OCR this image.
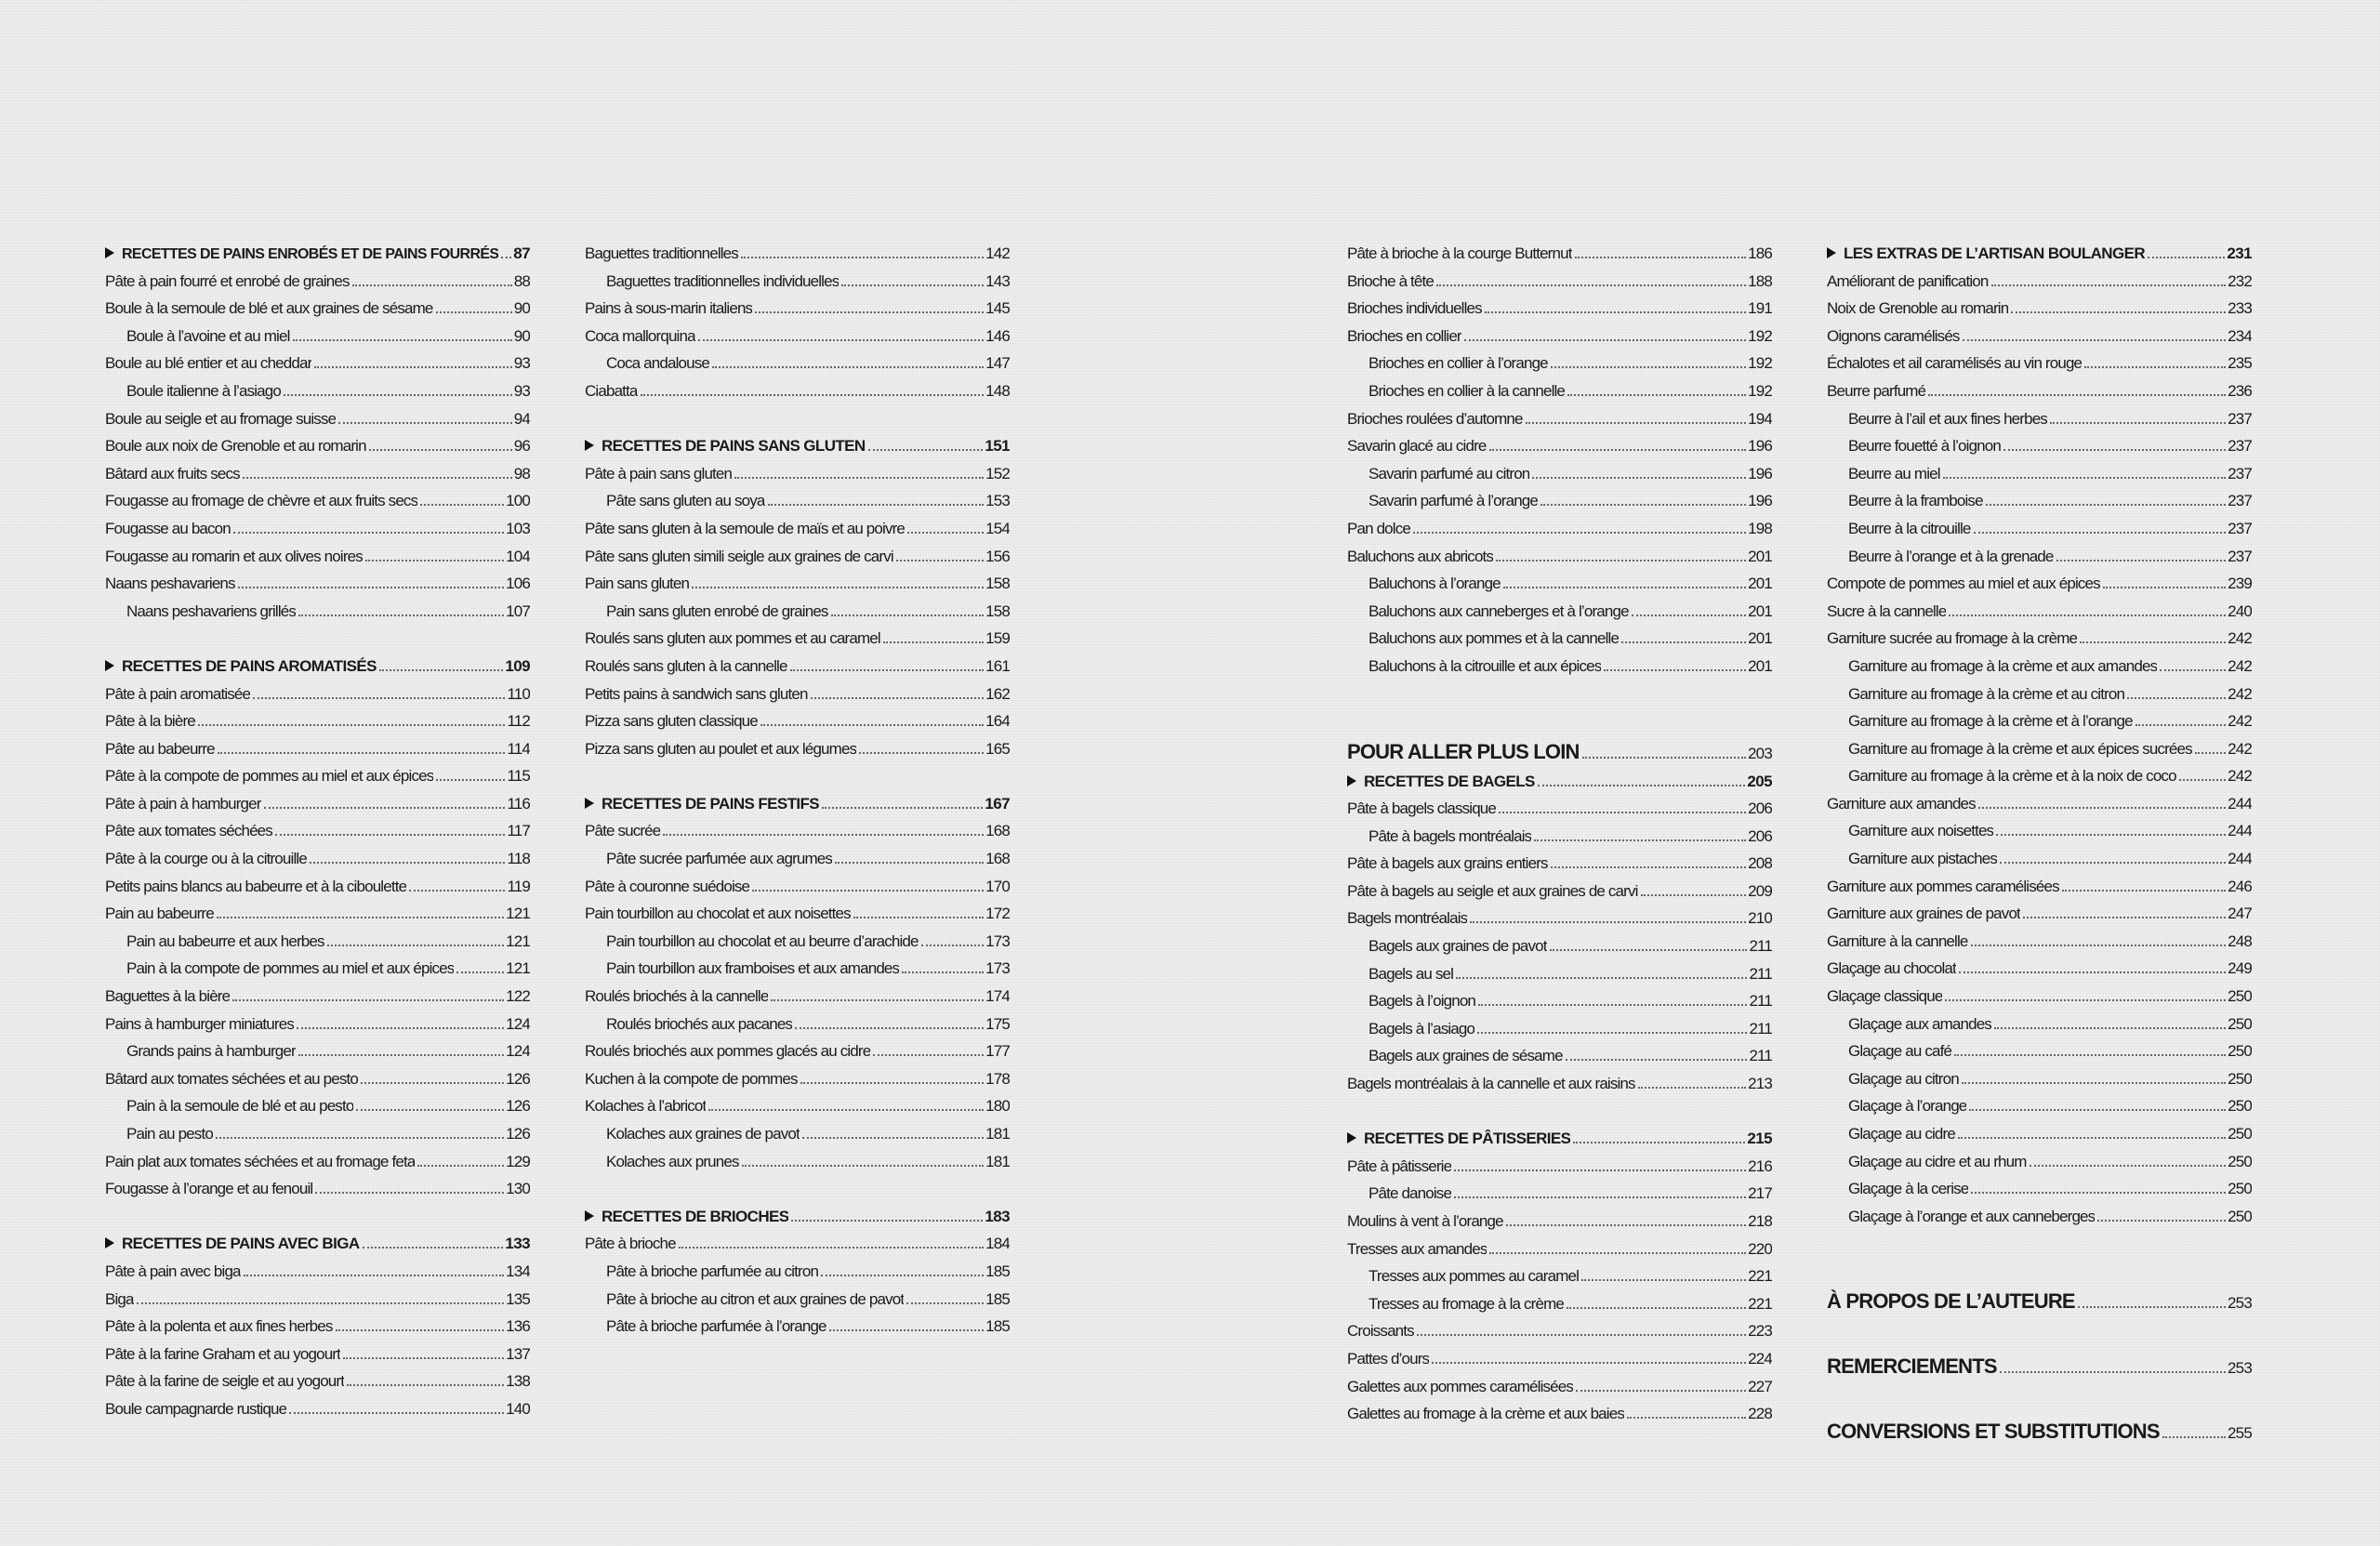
RECETTES DE PAINS ENROBÉS ET DE PAINS FOURRÉS 87
Pâte à pain fourré et enrobé de graines	88
Boule à la semoule de blé et aux graines de sésame	90
Boule à l’avoine et au miel	90
Boule au blé entier et au cheddar	93
Boule italienne à l’asiago	93
Boule au seigle et au fromage suisse	94
Boule aux noix de Grenoble et au romarin	96
Bâtard aux fruits secs	98
Fougasse au fromage de chèvre et aux fruits secs	100
Fougasse au bacon	103
Fougasse au romarin et aux olives noires	104
Naans peshavariens	106
Naans peshavariens grillés	107
RECETTES DE PAINS AROMATISÉS	109
Pâte à pain aromatisée	110
Pâte à la bière	112
Pâte au babeurre	114
Pâte à la compote de pommes au miel et aux épices	115
Pâte à pain à hamburger	116
Pâte aux tomates séchées	117
Pâte à la courge ou à la citrouille	118
Petits pains blancs au babeurre et à la ciboulette	119
Pain au babeurre	121
Pain au babeurre et aux herbes	121
Pain à la compote de pommes au miel et aux épices	121
Baguettes à la bière	122
Pains à hamburger miniatures	124
Grands pains à hamburger	124
Bâtard aux tomates séchées et au pesto	126
Pain à la semoule de blé et au pesto	126
Pain au pesto	126
Pain plat aux tomates séchées et au fromage feta	129
Fougasse à l’orange et au fenouil	130
RECETTES DE PAINS AVEC BIGA	133
Pâte à pain avec biga	134
Biga	135
Pâte à la polenta et aux fines herbes	136
Pâte à la farine Graham et au yogourt	137
Pâte à la farine de seigle et au yogourt	138
Boule campagnarde rustique	140
Baguettes traditionnelles	142
Baguettes traditionnelles individuelles	143
Pains à sous-marin italiens	145
Coca mallorquina	146
Coca andalouse	147
Ciabatta	148
RECETTES DE PAINS SANS GLUTEN	151
Pâte à pain sans gluten	152
Pâte sans gluten au soya	153
Pâte sans gluten à la semoule de maïs et au poivre	154
Pâte sans gluten simili seigle aux graines de carvi	156
Pain sans gluten	158
Pain sans gluten enrobé de graines	158
Roulés sans gluten aux pommes et au caramel	159
Roulés sans gluten à la cannelle	161
Petits pains à sandwich sans gluten	162
Pizza sans gluten classique	164
Pizza sans gluten au poulet et aux légumes	165
RECETTES DE PAINS FESTIFS	167
Pâte sucrée	168
Pâte sucrée parfumée aux agrumes	168
Pâte à couronne suédoise	170
Pain tourbillon au chocolat et aux noisettes	172
Pain tourbillon au chocolat et au beurre d’arachide	173
Pain tourbillon aux framboises et aux amandes	173
Roulés briochés à la cannelle	174
Roulés briochés aux pacanes	175
Roulés briochés aux pommes glacés au cidre	177
Kuchen à la compote de pommes	178
Kolaches à l’abricot	180
Kolaches aux graines de pavot	181
Kolaches aux prunes	181
RECETTES DE BRIOCHES	183
Pâte à brioche	184
Pâte à brioche parfumée au citron	185
Pâte à brioche au citron et aux graines de pavot	185
Pâte à brioche parfumée à l’orange	185
Pâte à brioche à la courge Butternut	186
Brioche à tête	188
Brioches individuelles	191
Brioches en collier	192
Brioches en collier à l’orange	192
Brioches en collier à la cannelle	192
Brioches roulées d’automne	194
Savarin glacé au cidre	196
Savarin parfumé au citron	196
Savarin parfumé à l’orange	196
Pan dolce	198
Baluchons aux abricots	201
Baluchons à l’orange	201
Baluchons aux canneberges et à l’orange	201
Baluchons aux pommes et à la cannelle	201
Baluchons à la citrouille et aux épices	201
POUR ALLER PLUS LOIN	203
RECETTES DE BAGELS	205
Pâte à bagels classique	206
Pâte à bagels montréalais	206
Pâte à bagels aux grains entiers	208
Pâte à bagels au seigle et aux graines de carvi	209
Bagels montréalais	210
Bagels aux graines de pavot	211
Bagels au sel	211
Bagels à l’oignon	211
Bagels à l’asiago	211
Bagels aux graines de sésame	211
Bagels montréalais à la cannelle et aux raisins	213
RECETTES DE PÂTISSERIES	215
Pâte à pâtisserie	216
Pâte danoise	217
Moulins à vent à l’orange	218
Tresses aux amandes	220
Tresses aux pommes au caramel	221
Tresses au fromage à la crème	221
Croissants	223
Pattes d’ours	224
Galettes aux pommes caramélisées	227
Galettes au fromage à la crème et aux baies	228
LES EXTRAS DE L’ARTISAN BOULANGER	231
Améliorant de panification	232
Noix de Grenoble au romarin	233
Oignons caramélisés	234
Échalotes et ail caramélisés au vin rouge	235
Beurre parfumé	236
Beurre à l’ail et aux fines herbes	237
Beurre fouetté à l’oignon	237
Beurre au miel	237
Beurre à la framboise	237
Beurre à la citrouille	237
Beurre à l’orange et à la grenade	237
Compote de pommes au miel et aux épices	239
Sucre à la cannelle	240
Garniture sucrée au fromage à la crème	242
Garniture au fromage à la crème et aux amandes	242
Garniture au fromage à la crème et au citron	242
Garniture au fromage à la crème et à l’orange	242
Garniture au fromage à la crème et aux épices sucrées 242
Garniture au fromage à la crème et à la noix de coco	242
Garniture aux amandes	244
Garniture aux noisettes	244
Garniture aux pistaches	244
Garniture aux pommes caramélisées	246
Garniture aux graines de pavot	247
Garniture à la cannelle	248
Glaçage au chocolat	249
Glaçage classique	250
Glaçage aux amandes	250
Glaçage au café	250
Glaçage au citron	250
Glaçage à l’orange	250
Glaçage au cidre	250
Glaçage au cidre et au rhum	250
Glaçage à la cerise	250
Glaçage à l’orange et aux canneberges	250
À PROPOS DE L’AUTEURE	253
REMERCIEMENTS	253
CONVERSIONS ET SUBSTITUTIONS	255
